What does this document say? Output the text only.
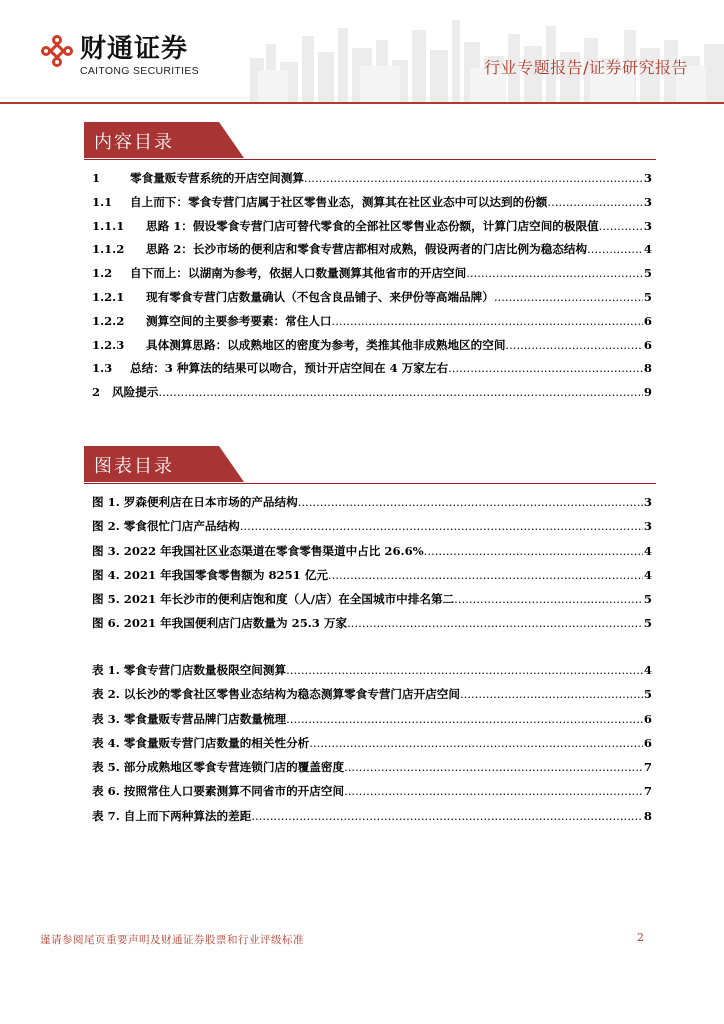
财通证券
CAITONG SECURITIES	行业专题报告/证券研究报告
内容目录
1	零食量贩专营系统的开店空间测算 .....	3
1.1	自上而下：零食专营门店属于社区零售业态，测算其在社区业态中可以达到的份额 .....	3
1.1.1	思路 1：假设零食专营门店可替代零食的全部社区零售业态份额，计算门店空间的极限值 .....	3
1.1.2	思路 2：长沙市场的便利店和零食专营店都相对成熟，假设两者的门店比例为稳态结构 .....	4
1.2	自下而上：以湖南为参考，依据人口数量测算其他省市的开店空间 .....	5
1.2.1	现有零食专营门店数量确认（不包含良品铺子、来伊份等高端品牌） .....	5
1.2.2	测算空间的主要参考要素：常住人口 .....	6
1.2.3	具体测算思路：以成熟地区的密度为参考，类推其他非成熟地区的空间 .....	6
1.3	总结：3 种算法的结果可以吻合，预计开店空间在 4 万家左右 .....	8
2	风险提示 .....	9
图表目录
图 1. 罗森便利店在日本市场的产品结构 .....	3
图 2. 零食很忙门店产品结构 .....	3
图 3. 2022 年我国社区业态渠道在零食零售渠道中占比 26.6% .....	4
图 4. 2021 年我国零食零售额为 8251 亿元 .....	4
图 5. 2021 年长沙市的便利店饱和度（人/店）在全国城市中排名第二 .....	5
图 6. 2021 年我国便利店门店数量为 25.3 万家 .....	5
表 1. 零食专营门店数量极限空间测算 .....	4
表 2. 以长沙的零食社区零售业态结构为稳态测算零食专营门店开店空间 .....	5
表 3. 零食量贩专营品牌门店数量梳理 .....	6
表 4. 零食量贩专营门店数量的相关性分析 .....	6
表 5. 部分成熟地区零食专营连锁门店的覆盖密度 .....	7
表 6. 按照常住人口要素测算不同省市的开店空间 .....	7
表 7. 自上而下两种算法的差距 .....	8
谨请参阅尾页重要声明及财通证券股票和行业评级标准	2
